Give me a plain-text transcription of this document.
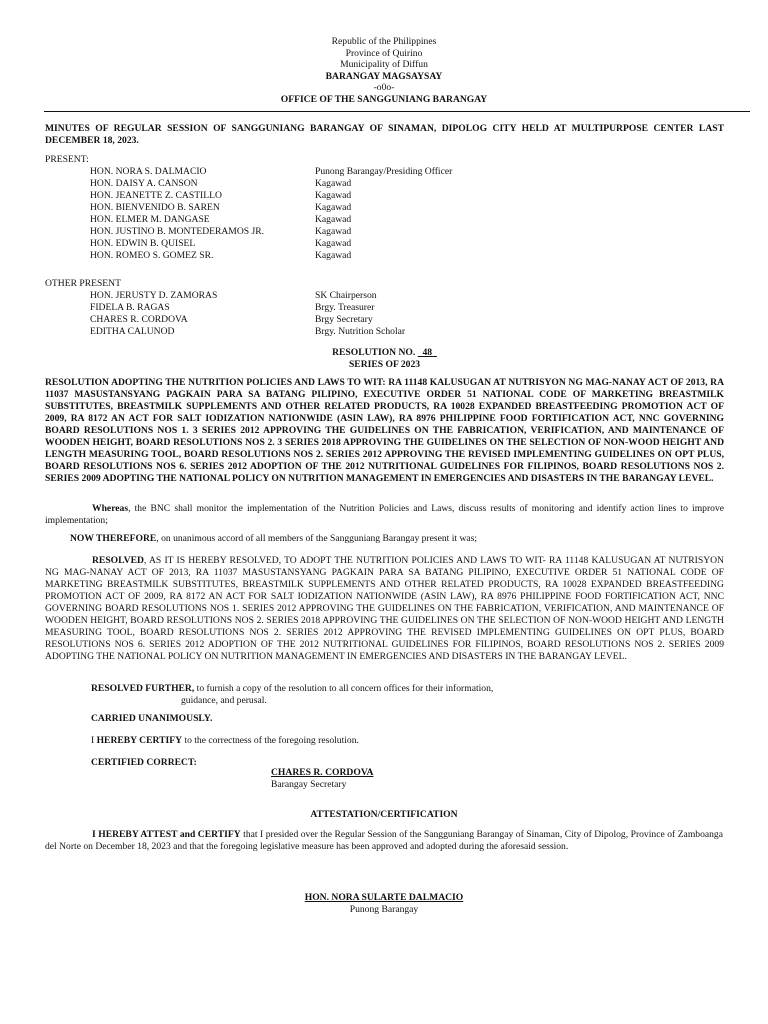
Republic of the Philippines
Province of Quirino
Municipality of Diffun
BARANGAY MAGSAYSAY
-o0o-
OFFICE OF THE SANGGUNIANG BARANGAY
MINUTES OF REGULAR SESSION OF SANGGUNIANG BARANGAY OF SINAMAN, DIPOLOG CITY HELD AT MULTIPURPOSE CENTER LAST DECEMBER 18, 2023.
PRESENT:
HON. NORA S. DALMACIO	Punong Barangay/Presiding Officer
HON. DAISY A. CANSON	Kagawad
HON. JEANETTE Z. CASTILLO	Kagawad
HON. BIENVENIDO B. SAREN	Kagawad
HON. ELMER M. DANGASE	Kagawad
HON. JUSTINO B. MONTEDERAMOS JR.	Kagawad
HON. EDWIN B. QUISEL	Kagawad
HON. ROMEO S. GOMEZ SR.	Kagawad
OTHER PRESENT
HON. JERUSTY D. ZAMORAS	SK Chairperson
FIDELA B. RAGAS	Brgy. Treasurer
CHARES R. CORDOVA	Brgy Secretary
EDITHA CALUNOD	Brgy. Nutrition Scholar
RESOLUTION NO. 48
SERIES OF 2023
RESOLUTION ADOPTING THE NUTRITION POLICIES AND LAWS TO WIT: RA 11148 KALUSUGAN AT NUTRISYON NG MAG-NANAY ACT OF 2013, RA 11037 MASUSTANSYANG PAGKAIN PARA SA BATANG PILIPINO, EXECUTIVE ORDER 51 NATIONAL CODE OF MARKETING BREASTMILK SUBSTITUTES, BREASTMILK SUPPLEMENTS AND OTHER RELATED PRODUCTS, RA 10028 EXPANDED BREASTFEEDING PROMOTION ACT OF 2009, RA 8172 AN ACT FOR SALT IODIZATION NATIONWIDE (ASIN LAW), RA 8976 PHILIPPINE FOOD FORTIFICATION ACT, NNC GOVERNING BOARD RESOLUTIONS NOS 1. 3 SERIES 2012 APPROVING THE GUIDELINES ON THE FABRICATION, VERIFICATION, AND MAINTENANCE OF WOODEN HEIGHT, BOARD RESOLUTIONS NOS 2. 3 SERIES 2018 APPROVING THE GUIDELINES ON THE SELECTION OF NON-WOOD HEIGHT AND LENGTH MEASURING TOOL, BOARD RESOLUTIONS NOS 2. SERIES 2012 APPROVING THE REVISED IMPLEMENTING GUIDELINES ON OPT PLUS, BOARD RESOLUTIONS NOS 6. SERIES 2012 ADOPTION OF THE 2012 NUTRITIONAL GUIDELINES FOR FILIPINOS, BOARD RESOLUTIONS NOS 2. SERIES 2009 ADOPTING THE NATIONAL POLICY ON NUTRITION MANAGEMENT IN EMERGENCIES AND DISASTERS IN THE BARANGAY LEVEL.
Whereas, the BNC shall monitor the implementation of the Nutrition Policies and Laws, discuss results of monitoring and identify action lines to improve implementation;
NOW THEREFORE, on unanimous accord of all members of the Sangguniang Barangay present it was;
RESOLVED, AS IT IS HEREBY RESOLVED, TO ADOPT THE NUTRITION POLICIES AND LAWS TO WIT- RA 11148 KALUSUGAN AT NUTRISYON NG MAG-NANAY ACT OF 2013, RA 11037 MASUSTANSYANG PAGKAIN PARA SA BATANG PILIPINO, EXECUTIVE ORDER 51 NATIONAL CODE OF MARKETING BREASTMILK SUBSTITUTES, BREASTMILK SUPPLEMENTS AND OTHER RELATED PRODUCTS, RA 10028 EXPANDED BREASTFEEDING PROMOTION ACT OF 2009, RA 8172 AN ACT FOR SALT IODIZATION NATIONWIDE (ASIN LAW), RA 8976 PHILIPPINE FOOD FORTIFICATION ACT, NNC GOVERNING BOARD RESOLUTIONS NOS 1. SERIES 2012 APPROVING THE GUIDELINES ON THE FABRICATION, VERIFICATION, AND MAINTENANCE OF WOODEN HEIGHT, BOARD RESOLUTIONS NOS 2. SERIES 2018 APPROVING THE GUIDELINES ON THE SELECTION OF NON-WOOD HEIGHT AND LENGTH MEASURING TOOL, BOARD RESOLUTIONS NOS 2. SERIES 2012 APPROVING THE REVISED IMPLEMENTING GUIDELINES ON OPT PLUS, BOARD RESOLUTIONS NOS 6. SERIES 2012 ADOPTION OF THE 2012 NUTRITIONAL GUIDELINES FOR FILIPINOS, BOARD RESOLUTIONS NOS 2. SERIES 2009 ADOPTING THE NATIONAL POLICY ON NUTRITION MANAGEMENT IN EMERGENCIES AND DISASTERS IN THE BARANGAY LEVEL.
RESOLVED FURTHER, to furnish a copy of the resolution to all concern offices for their information,
guidance, and perusal.
CARRIED UNANIMOUSLY.
I HEREBY CERTIFY to the correctness of the foregoing resolution.
CERTIFIED CORRECT:
CHARES R. CORDOVA
Barangay Secretary
ATTESTATION/CERTIFICATION
I HEREBY ATTEST and CERTIFY that I presided over the Regular Session of the Sangguniang Barangay of Sinaman, City of Dipolog, Province of Zamboanga del Norte on December 18, 2023 and that the foregoing legislative measure has been approved and adopted during the aforesaid session.
HON. NORA SULARTE DALMACIO
Punong Barangay
